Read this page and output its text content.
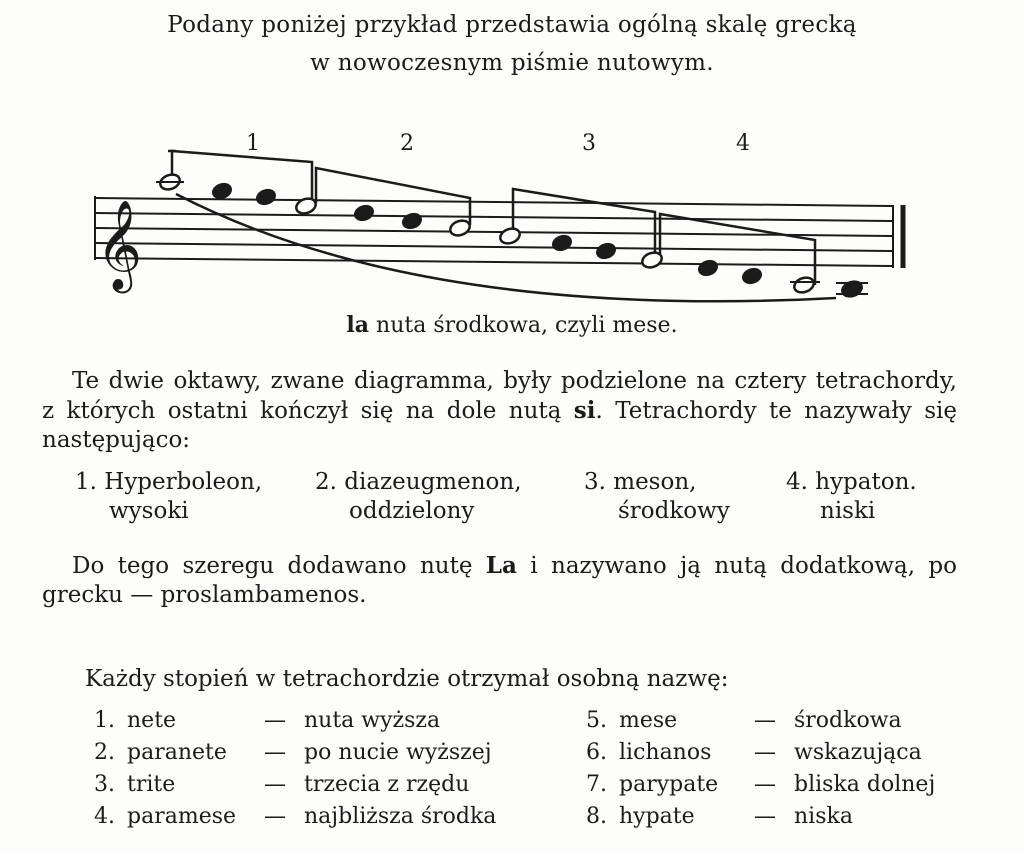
Podany poniżej przykład przedstawia ogólną skalę grecką
w nowoczesnym piśmie nutowym.
1	2	3	4
𝄞
la nuta środkowa, czyli mese.
Te dwie oktawy, zwane diagramma, były podzielone na cztery tetrachordy, z których ostatni kończył się na dole nutą si. Tetrachordy te nazywały się następująco:
1. Hyperboleon,
wysoki
2. diazeugmenon,
oddzielony
3. meson,
środkowy
4. hypaton.
niski
Do tego szeregu dodawano nutę La i nazywano ją nutą dodatkową, po grecku — proslambamenos.
Każdy stopień w tetrachordzie otrzymał osobną nazwę:
1. nete	— nuta wyższa
2. paranete — po nucie wyższej
3. trite	— trzecia z rzędu
4. paramese — najbliższa środka
5. mese	— środkowa
6. lichanos — wskazująca
7. parypate — bliska dolnej
8. hypate	— niska
